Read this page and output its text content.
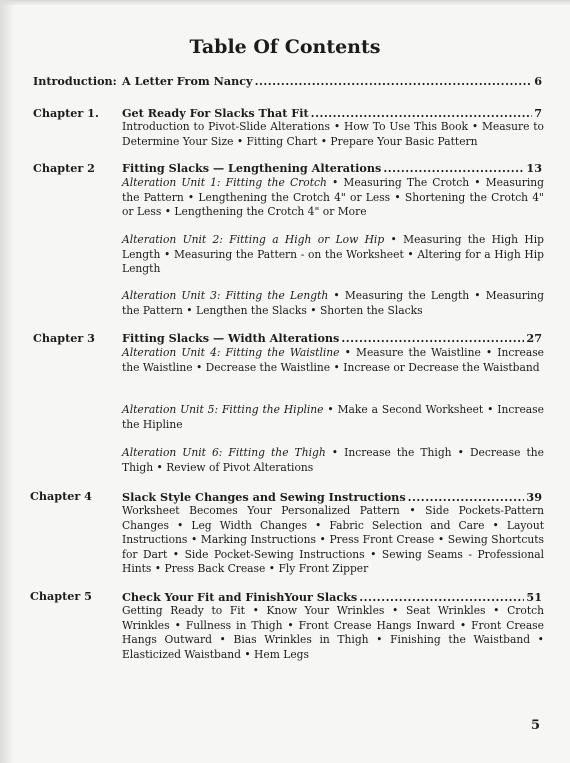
Table Of Contents
Introduction: A Letter From Nancy .....	6
Chapter 1. Get Ready For Slacks That Fit .....	7
Introduction to Pivot-Slide Alterations • How To Use This Book • Measure to Determine Your Size • Fitting Chart • Prepare Your Basic Pattern
Chapter 2 Fitting Slacks — Lengthening Alterations .....	13
Alteration Unit 1: Fitting the Crotch • Measuring The Crotch • Measuring the Pattern • Lengthening the Crotch 4" or Less • Shortening the Crotch 4" or Less • Lengthening the Crotch 4" or More
Alteration Unit 2: Fitting a High or Low Hip • Measuring the High Hip Length • Measuring the Pattern - on the Worksheet • Altering for a High Hip Length
Alteration Unit 3: Fitting the Length • Measuring the Length • Measuring the Pattern • Lengthen the Slacks • Shorten the Slacks
Chapter 3 Fitting Slacks — Width Alterations .....	27
Alteration Unit 4: Fitting the Waistline • Measure the Waistline • Increase the Waistline • Decrease the Waistline • Increase or Decrease the Waistband
Alteration Unit 5: Fitting the Hipline • Make a Second Worksheet • Increase the Hipline
Alteration Unit 6: Fitting the Thigh • Increase the Thigh • Decrease the Thigh • Review of Pivot Alterations
Chapter 4	Slack Style Changes and Sewing Instructions .....	39
Worksheet Becomes Your Personalized Pattern • Side Pockets-Pattern Changes • Leg Width Changes • Fabric Selection and Care • Layout Instructions • Marking Instructions • Press Front Crease • Sewing Shortcuts for Dart • Side Pocket-Sewing Instructions • Sewing Seams - Professional Hints • Press Back Crease • Fly Front Zipper
Chapter 5	Check Your Fit and FinishYour Slacks .....	51
Getting Ready to Fit • Know Your Wrinkles • Seat Wrinkles • Crotch Wrinkles • Fullness in Thigh • Front Crease Hangs Inward • Front Crease Hangs Outward • Bias Wrinkles in Thigh • Finishing the Waistband • Elasticized Waistband • Hem Legs
5
